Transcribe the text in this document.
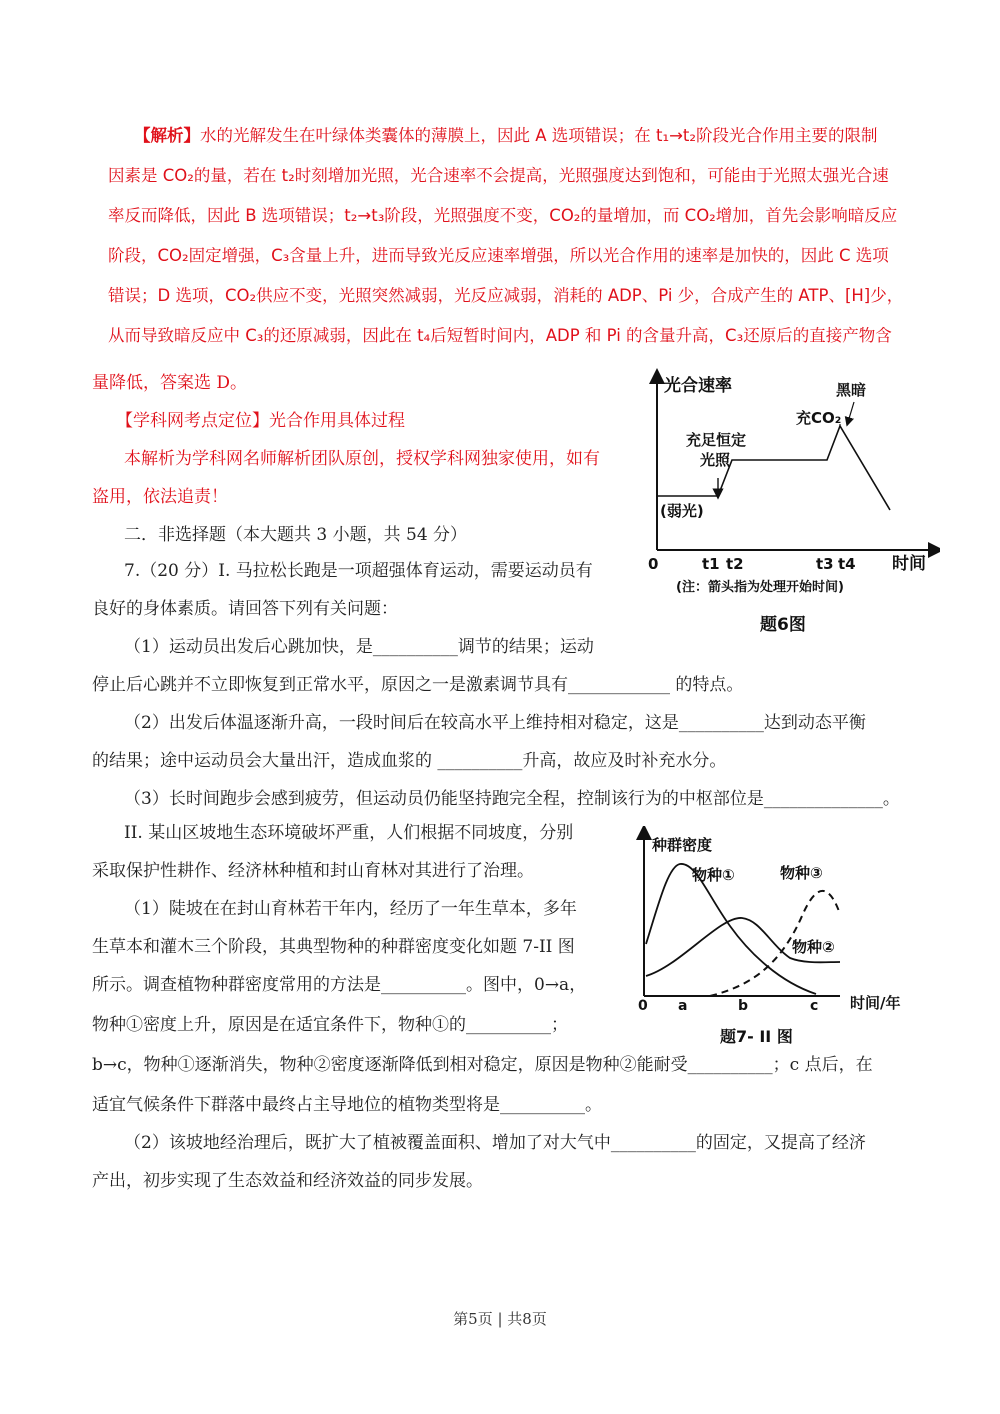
【解析】水的光解发生在叶绿体类囊体的薄膜上，因此 A 选项错误；在 t₁→t₂阶段光合作用主要的限制
因素是 CO₂的量，若在 t₂时刻增加光照，光合速率不会提高，光照强度达到饱和，可能由于光照太强光合速
率反而降低，因此 B 选项错误；t₂→t₃阶段，光照强度不变，CO₂的量增加，而 CO₂增加，首先会影响暗反应
阶段，CO₂固定增强，C₃含量上升，进而导致光反应速率增强，所以光合作用的速率是加快的，因此 C 选项
错误；D 选项，CO₂供应不变，光照突然减弱，光反应减弱，消耗的 ADP、Pi 少，合成产生的 ATP、[H]少，
从而导致暗反应中 C₃的还原减弱，因此在 t₄后短暂时间内，ADP 和 Pi 的含量升高，C₃还原后的直接产物含
量降低，答案选 D。
【学科网考点定位】光合作用具体过程
本解析为学科网名师解析团队原创，授权学科网独家使用，如有
盗用，依法追责！
二．非选择题（本大题共 3 小题，共 54 分）
7.（20 分）I. 马拉松长跑是一项超强体育运动，需要运动员有
良好的身体素质。请回答下列有关问题：
（1）运动员出发后心跳加快，是__________调节的结果；运动
停止后心跳并不立即恢复到正常水平，原因之一是激素调节具有____________ 的特点。
（2）出发后体温逐渐升高，一段时间后在较高水平上维持相对稳定，这是__________达到动态平衡
的结果；途中运动员会大量出汗，造成血浆的 __________升高，故应及时补充水分。
（3）长时间跑步会感到疲劳，但运动员仍能坚持跑完全程，控制该行为的中枢部位是______________。
II. 某山区坡地生态环境破坏严重，人们根据不同坡度，分别
采取保护性耕作、经济林种植和封山育林对其进行了治理。
（1）陡坡在在封山育林若干年内，经历了一年生草本，多年
生草本和灌木三个阶段，其典型物种的种群密度变化如题 7-II 图
所示。调查植物种群密度常用的方法是__________。图中，0→a，
物种①密度上升，原因是在适宜条件下，物种①的__________；
b→c，物种①逐渐消失，物种②密度逐渐降低到相对稳定，原因是物种②能耐受__________；c 点后，在
适宜气候条件下群落中最终占主导地位的植物类型将是__________。
（2）该坡地经治理后，既扩大了植被覆盖面积、增加了对大气中__________的固定，又提高了经济
产出，初步实现了生态效益和经济效益的同步发展。
光合速率
时间
0	t1 t2	t3 t4
(弱光)
充足恒定
光照
充CO₂
黑暗
(注：箭头指为处理开始时间)
题6图
种群密度
时间/年
0 a	b	c
物种①
物种②
物种③
题7- II 图
第5页 | 共8页
